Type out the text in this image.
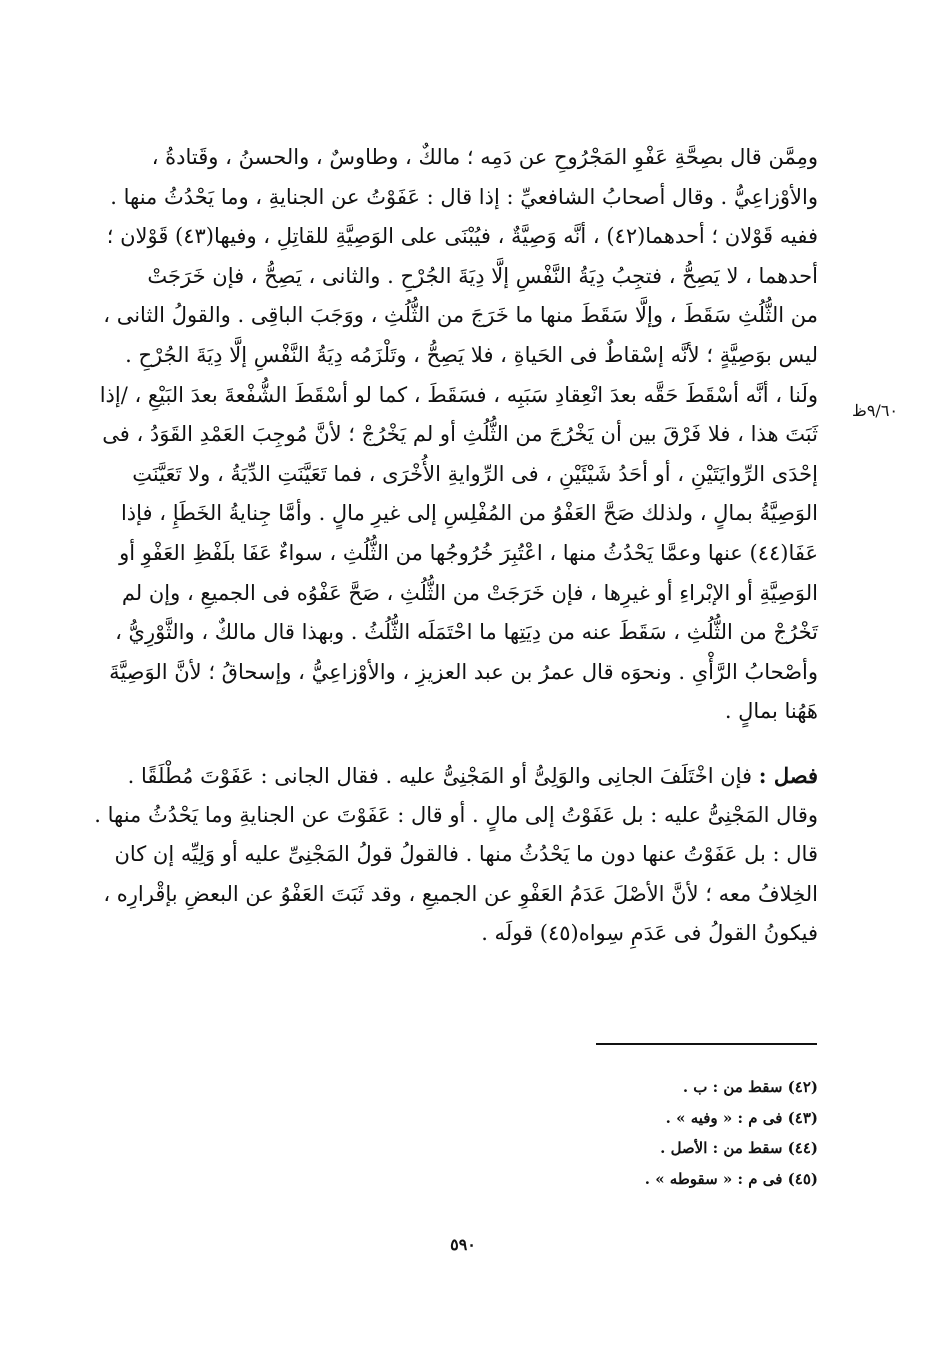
٩/٦٠ظ
ومِمَّن قال بصِحَّةِ عَفْوِ المَجْرُوحِ عن دَمِه ؛ مالكٌ ، وطاوسٌ ، والحسنُ ، وقَتادةُ ،
والأوْزاعِيُّ . وقال أصحابُ الشافعيِّ : إذا قال : عَفَوْتُ عن الجنايةِ ، وما يَحْدُثُ منها .
ففيه قَوْلان ؛ أحدهما(٤٢) ، أنَّه وَصِيَّةٌ ، فيُبْنَى على الوَصِيَّةِ للقاتِلِ ، وفيها(٤٣) قَوْلان ؛
أحدهما ، لا يَصِحُّ ، فتجِبُ دِيَةُ النَّفْسِ إلَّا دِيَةَ الجُرْحِ . والثانى ، يَصِحُّ ، فإن خَرَجَتْ
من الثُّلُثِ سَقَطَ ، وإلَّا سَقَطَ منها ما خَرَجَ من الثُّلُثِ ، ووَجَبَ الباقِى . والقولُ الثانى ،
ليس بوَصِيَّةٍ ؛ لأنَّه إسْقاطٌ فى الحَياةِ ، فلا يَصِحُّ ، وتَلْزَمُه دِيَةُ النَّفْسِ إلَّا دِيَةَ الجُرْحِ .
ولَنا ، أنَّه أسْقَطَ حَقَّه بعدَ انْعِقادِ سَبَبِه ، فسَقَطَ ، كما لو أسْقَطَ الشُّفْعةَ بعدَ البَيْعِ ، /إذا
ثَبَتَ هذا ، فلا فَرْقَ بين أن يَخْرُجَ من الثُّلُثِ أو لم يَخْرُجْ ؛ لأنَّ مُوجِبَ العَمْدِ القَوَدُ ، فى
إحْدَى الرِّوايَتَيْنِ ، أو أحَدُ شَيْئَيْنِ ، فى الرِّوايةِ الأُخْرَى ، فما تَعَيَّنَتِ الدِّيَةُ ، ولا تَعَيَّنَتِ
الوَصِيَّةُ بمالٍ ، ولذلك صَحَّ العَفْوُ من المُفْلِسِ إلى غيرِ مالٍ . وأمَّا جِنايةُ الخَطَإِ ، فإذا
عَفَا(٤٤) عنها وعمَّا يَحْدُثُ منها ، اعْتُبِرَ خُرُوجُها من الثُّلُثِ ، سواءٌ عَفَا بلَفْظِ العَفْوِ أو
الوَصِيَّةِ أو الإبْراءِ أو غيرِها ، فإن خَرَجَتْ من الثُّلُثِ ، صَحَّ عَفْوُه فى الجميعِ ، وإن لم
تَخْرُجْ من الثُّلُثِ ، سَقَطَ عنه من دِيَتِها ما احْتَمَلَه الثُّلُثُ . وبهذا قال مالكٌ ، والثَّوْرِيُّ ،
وأصْحابُ الرَّأْىِ . ونحوَه قال عمرُ بن عبد العزيزِ ، والأوْزاعِيُّ ، وإسحاقُ ؛ لأنَّ الوَصِيَّةَ
هَهُنا بمالٍ .
فصل : فإن اخْتَلَفَ الجانِى والوَلِىُّ أو المَجْنِىُّ عليه . فقال الجانى : عَفَوْتَ مُطْلَقًا .
وقال المَجْنِىُّ عليه : بل عَفَوْتُ إلى مالٍ . أو قال : عَفَوْتَ عن الجنايةِ وما يَحْدُثُ منها .
قال : بل عَفَوْتُ عنها دون ما يَحْدُثُ منها . فالقولُ قولُ المَجْنِىِّ عليه أو وَلِيِّه إن كان
الخِلافُ معه ؛ لأنَّ الأصْلَ عَدَمُ العَفْوِ عن الجميعِ ، وقد ثَبَتَ العَفْوُ عن البعضِ بإقْرارِه ،
فيكونُ القولُ فى عَدَمِ سِواه(٤٥) قولَه .
(٤٢) سقط من : ب .
(٤٣) فى م : « وفيه » .
(٤٤) سقط من : الأصل .
(٤٥) فى م : « سقوطه » .
٥٩٠
